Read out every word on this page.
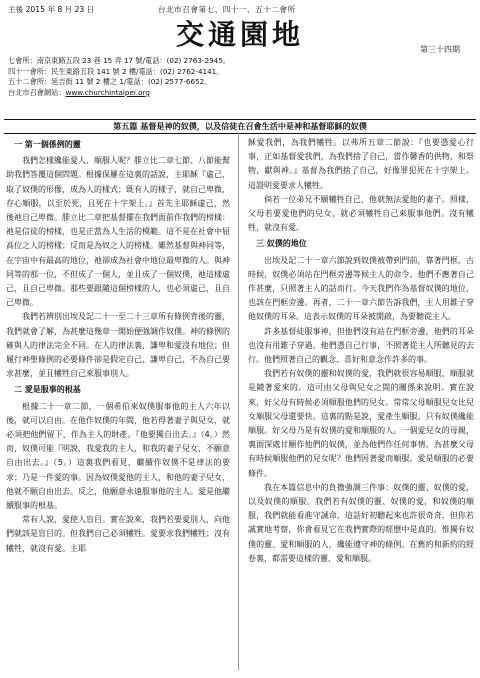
主後 2015 年 8 月 23 日	台北市召會第七、四十一、五十二會所
交通園地	第三十四期
七會所：南京東路五段 23 巷 15 弄 17 號/電話：(02) 2763-2945。
四十一會所：民生東路五段 141 號 2 樓/電話：(02) 2762-4141。
五十二會所：延吉街 11 號 2 樓之 1/電話：(02) 2577-6652。
台北市召會網站：www.churchintaipei.org
第五篇 基督是神的奴僕，以及信徒在召會生活中是神和基督耶穌的奴僕
一 第一個係例的靈

我們怎樣纔能愛人、順服人呢？腓立比二章七節、八節能幫助我們答覆這個問題。根據保羅在這裏的話說，主耶穌『虛己，取了奴僕的形像，成為人的樣式；既有人的樣子，就自己卑微，存心順服，以至於死，且死在十字架上。』首先主耶穌虛己，然後祂自己卑微。腓立比二章把基督擺在我們面前作我們的榜樣：祂是信徒的榜樣，也是正當為人生活的模範。這不是在社會中屈高位之人的榜樣；反而是為奴之人的榜樣。雖然基督與神同等，在宇宙中有最高的地位，祂卻成為社會中地位最卑微的人。與神同等的那一位，不但成了一個人，並且成了一個奴僕，祂這樣虛己，且自己卑微。那些要跟隨這個榜樣的人，也必須虛己，且自己卑微。

我們若辨別出埃及記二十一至二十三章所有條例背後的靈，我們就會了解，為甚麼這幾章一開始便強調作奴僕。神的條例的確與人的律法完全不同。在人的律法裏，謙卑和愛沒有地位；但履行神聖條例的必要條件卻是假定自己、謙卑自己、不為自己要求甚麼，並且犧牲自己來服事別人。

二 愛是服事的根基

根據二十一章二節，一個希伯來奴僕服事他的主人六年以後，就可以自由。在他作奴僕的年間，他若得著妻子與兒女，就必須把他們留下，作為主人的財產。『他要獨自出去。』（4。）然而，奴僕可能『明說，我愛我的主人，和我的妻子兒女，不願意自由出去。』（5。）這裏我們看見，繼續作奴僕不是律法的要求；乃是一件愛的事。因為奴僕愛他的主人，和他的妻子兒女，他就不願自由出去。反之，他願意永遠服事他的主人。愛是他繼續服事的根基。

常有人說，愛使人盲目。實在說來，我們若要愛別人，向他們就該是盲目的。但我們自己必須犧牲。愛要求我們犧牲；沒有犧牲，就沒有愛。主耶

穌愛我們，為我們犧牲。以弗所五章二節說：『也要憑愛心行事，正如基督愛我們，為我們捨了自己，當作馨香的供物，和祭物，獻與神。』基督為我們捨了自己，好像罪犯死在十字架上。這證明愛要求人犧牲。

倘若一位弟兄不願犧牲自己，他就無法愛他的妻子。照樣，父母若要愛他們的兒女，就必須犧牲自己來服事他們。沒有犧牲，就沒有愛。

三 奴僕的地位

出埃及記二十一章六節說到奴僕被帶到門前，靠著門框。古時候，奴僕必須站在門框旁邊等候主人的命令。他們不應著自己作甚麼，只照著主人的話而行。今天我們作為基督奴僕的地位，也該在門框旁邊。再者，二十一章六節告訴我們，主人用錐子穿他奴僕的耳朵。這表示奴僕的耳朵被開啟，為要聽從主人。

許多基督徒服事神，但他們沒有站在門框旁邊，他們的耳朵也沒有用錐子穿過。他們憑自己行事，不照著從主人所聽見的去行。他們照著自己的觀念、喜好和意念作許多的事。

我們若有奴僕的靈和奴僕的愛，我們就很容易順服，順服就是隨著愛來的。這可由父母與兒女之間的關係來說明。實在說來，好父母有時候必須順服他們的兒女。常常父母順服兒女比兒女順服父母還要快。這裏的點是說，愛產生順服。只有奴僕纔能順服。好父母乃是有奴僕的愛和順服的人。一個愛兒女的母親，裏面深處甘願作他們的奴僕，並為他們作任何事情。為甚麼父母有時候順服他們的兒女呢？他們因著愛而順服。愛是順服的必要條件。

我在本篇信息中的負擔強調三件事：奴僕的靈、奴僕的愛，以及奴僕的順服。我們若有奴僕的靈、奴僕的愛，和奴僕的順服，我們就能看進守誡命。這話好初聽起來也許很奇奇，但你若誠實地考察，你會看見它在我們實際的經歷中是真的。惟獨有奴僕的靈、愛和順服的人，纔能遵守神的條例。在舊約和新約的經卷裏，都需要這樣的靈、愛和順服。
